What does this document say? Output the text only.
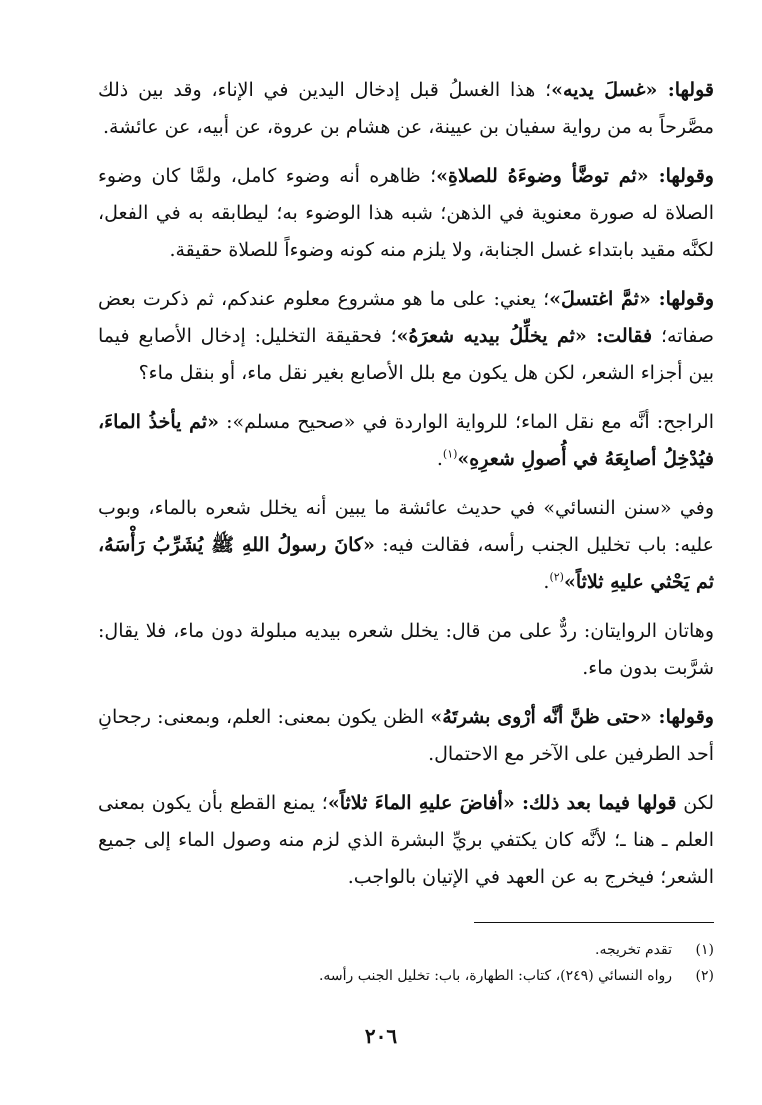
قولها: «غسلَ يديه»؛ هذا الغسلُ قبل إدخال اليدين في الإناء، وقد بين ذلك مصَّرحاً به من رواية سفيان بن عيينة، عن هشام بن عروة، عن أبيه، عن عائشة.

وقولها: «ثم توضَّأ وضوءَهُ للصلاةِ»؛ ظاهره أنه وضوء كامل، ولمَّا كان وضوء الصلاة له صورة معنوية في الذهن؛ شبه هذا الوضوء به؛ ليطابقه به في الفعل، لكنَّه مقيد بابتداء غسل الجنابة، ولا يلزم منه كونه وضوءاً للصلاة حقيقة.

وقولها: «ثمَّ اغتسلَ»؛ يعني: على ما هو مشروع معلوم عندكم، ثم ذكرت بعض صفاته؛ فقالت: «ثم يخلِّلُ بيديه شعرَهُ»؛ فحقيقة التخليل: إدخال الأصابع فيما بين أجزاء الشعر، لكن هل يكون مع بلل الأصابع بغير نقل ماء، أو بنقل ماء؟

الراجح: أنَّه مع نقل الماء؛ للرواية الواردة في «صحيح مسلم»: «ثم يأخذُ الماءَ، فيُدْخِلُ أصابِعَهُ في أُصولِ شعرِهِ»$^{(١)}$.

وفي «سنن النسائي» في حديث عائشة ما يبين أنه يخلل شعره بالماء، وبوب عليه: باب تخليل الجنب رأسه، فقالت فيه: «كانَ رسولُ اللهِ ﷺ يُشَرِّبُ رَأْسَهُ، ثم يَحْثي عليهِ ثلاثاً»$^{(٢)}$.

وهاتان الروايتان: ردٌّ على من قال: يخلل شعره بيديه مبلولة دون ماء، فلا يقال: شرَّبت بدون ماء.

وقولها: «حتى ظنَّ أنَّه أرْوى بشرتَهُ» الظن يكون بمعنى: العلم، وبمعنى: رجحانِ أحد الطرفين على الآخر مع الاحتمال.

لكن قولها فيما بعد ذلك: «أفاضَ عليهِ الماءَ ثلاثاً»؛ يمنع القطع بأن يكون بمعنى العلم ـ هنا ـ؛ لأنَّه كان يكتفي بريِّ البشرة الذي لزم منه وصول الماء إلى جميع الشعر؛ فيخرج به عن العهد في الإتيان بالواجب.

(١)
تقدم تخريجه.
(٢)
رواه النسائي (٢٤٩)، كتاب: الطهارة، باب: تخليل الجنب رأسه.
٢٠٦
